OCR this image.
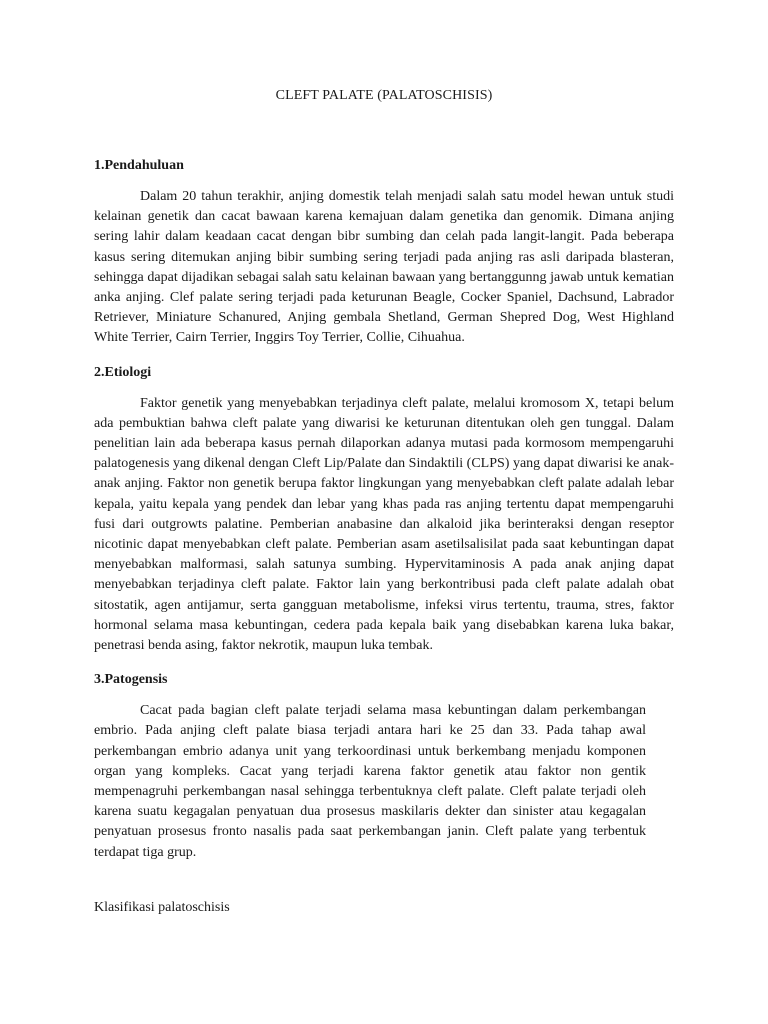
CLEFT PALATE (PALATOSCHISIS)
1.Pendahuluan

Dalam 20 tahun terakhir, anjing domestik telah menjadi salah satu model hewan untuk studi kelainan genetik dan cacat bawaan karena kemajuan dalam genetika dan genomik. Dimana anjing sering lahir dalam keadaan cacat dengan bibr sumbing dan celah pada langit-langit. Pada beberapa kasus sering ditemukan anjing bibir sumbing sering terjadi pada anjing ras asli daripada blasteran, sehingga dapat dijadikan sebagai salah satu kelainan bawaan yang bertanggunng jawab untuk kematian anka anjing. Clef palate sering terjadi pada keturunan Beagle, Cocker Spaniel, Dachsund, Labrador Retriever, Miniature Schanured, Anjing gembala Shetland, German Shepred Dog, West Highland White Terrier, Cairn Terrier, Inggirs Toy Terrier, Collie, Cihuahua.

2.Etiologi

Faktor genetik yang menyebabkan terjadinya cleft palate, melalui kromosom X, tetapi belum ada pembuktian bahwa cleft palate yang diwarisi ke keturunan ditentukan oleh gen tunggal. Dalam penelitian lain ada beberapa kasus pernah dilaporkan adanya mutasi pada kormosom mempengaruhi palatogenesis yang dikenal dengan Cleft Lip/Palate dan Sindaktili (CLPS) yang dapat diwarisi ke anak-anak anjing. Faktor non genetik berupa faktor lingkungan yang menyebabkan cleft palate adalah lebar kepala, yaitu kepala yang pendek dan lebar yang khas pada ras anjing tertentu dapat mempengaruhi fusi dari outgrowts palatine. Pemberian anabasine dan alkaloid jika berinteraksi dengan reseptor nicotinic dapat menyebabkan cleft palate. Pemberian asam asetilsalisilat pada saat kebuntingan dapat menyebabkan malformasi, salah satunya sumbing. Hypervitaminosis A pada anak anjing dapat menyebabkan terjadinya cleft palate. Faktor lain yang berkontribusi pada cleft palate adalah obat sitostatik, agen antijamur, serta gangguan metabolisme, infeksi virus tertentu, trauma, stres, faktor hormonal selama masa kebuntingan, cedera pada kepala baik yang disebabkan karena luka bakar, penetrasi benda asing, faktor nekrotik, maupun luka tembak.

3.Patogensis

Cacat pada bagian cleft palate terjadi selama masa kebuntingan dalam perkembangan embrio. Pada anjing cleft palate biasa terjadi antara hari ke 25 dan 33. Pada tahap awal perkembangan embrio adanya unit yang terkoordinasi untuk berkembang menjadu komponen organ yang kompleks. Cacat yang terjadi karena faktor genetik atau faktor non gentik mempenagruhi perkembangan nasal sehingga terbentuknya cleft palate. Cleft palate terjadi oleh karena suatu kegagalan penyatuan dua prosesus maskilaris dekter dan sinister atau kegagalan penyatuan prosesus fronto nasalis pada saat perkembangan janin. Cleft palate yang terbentuk terdapat tiga grup.

Klasifikasi palatoschisis
